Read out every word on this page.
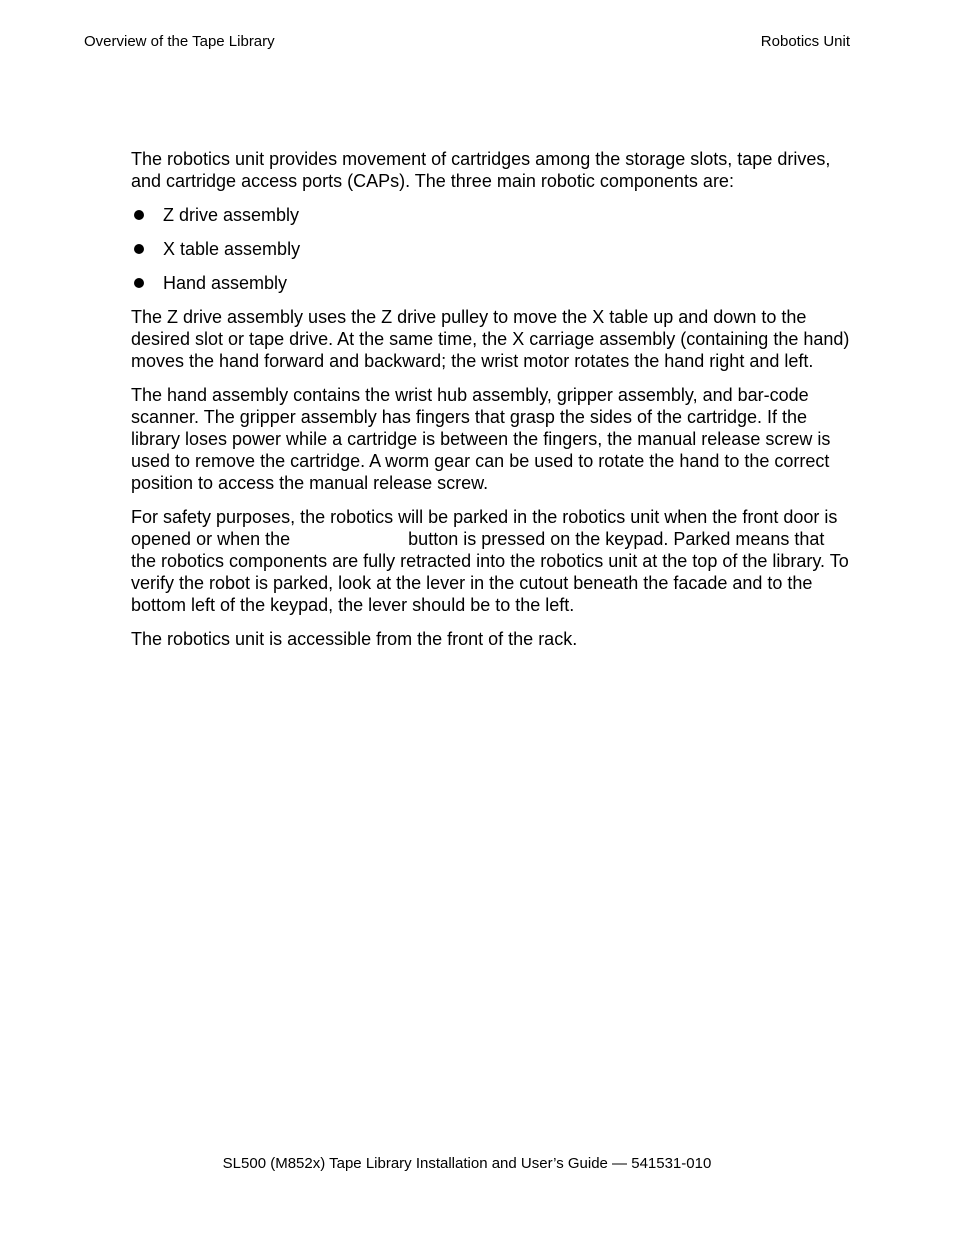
Overview of the Tape Library	Robotics Unit

The robotics unit provides movement of cartridges among the storage slots, tape drives, and cartridge access ports (CAPs). The three main robotic components are:

Z drive assembly
X table assembly
Hand assembly

The Z drive assembly uses the Z drive pulley to move the X table up and down to the desired slot or tape drive. At the same time, the X carriage assembly (containing the hand) moves the hand forward and backward; the wrist motor rotates the hand right and left.

The hand assembly contains the wrist hub assembly, gripper assembly, and bar-code scanner. The gripper assembly has fingers that grasp the sides of the cartridge. If the library loses power while a cartridge is between the fingers, the manual release screw is used to remove the cartridge. A worm gear can be used to rotate the hand to the correct position to access the manual release screw.

For safety purposes, the robotics will be parked in the robotics unit when the front door is opened or when the	button is pressed on the keypad. Parked means that the robotics components are fully retracted into the robotics unit at the top of the library. To verify the robot is parked, look at the lever in the cutout beneath the facade and to the bottom left of the keypad, the lever should be to the left.

The robotics unit is accessible from the front of the rack.

SL500 (M852x) Tape Library Installation and User’s Guide — 541531-010
